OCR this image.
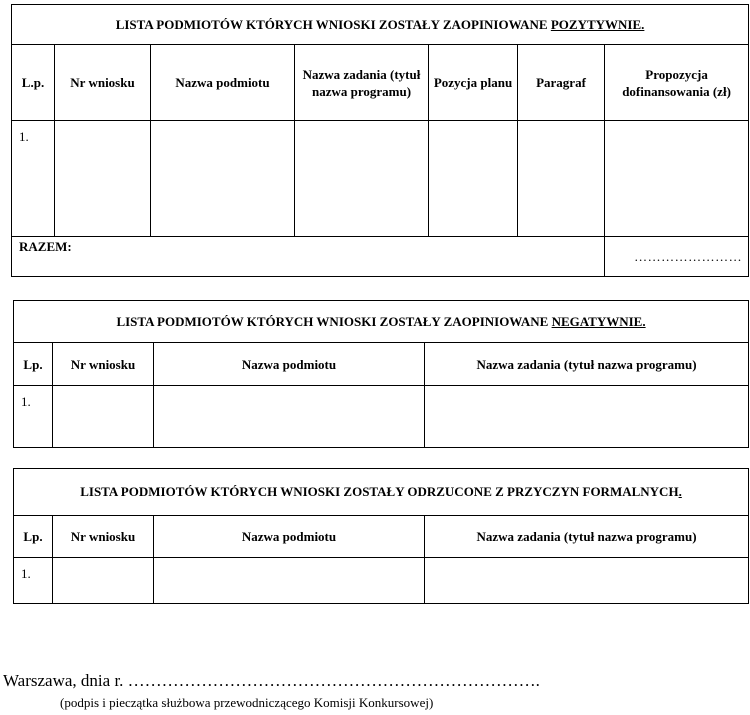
LISTA PODMIOTÓW KTÓRYCH WNIOSKI ZOSTAŁY ZAOPINIOWANE POZYTYWNIE.						
L.p.	Nr wniosku	Nazwa podmiotu	Nazwa zadania (tytuł nazwa programu)	Pozycja planu	Paragraf	Propozycja dofinansowania (zł)
1.						
RAZEM:						……………………
LISTA PODMIOTÓW KTÓRYCH WNIOSKI ZOSTAŁY ZAOPINIOWANE NEGATYWNIE.			
Lp.	Nr wniosku	Nazwa podmiotu	Nazwa zadania (tytuł nazwa programu)
1.			
LISTA PODMIOTÓW KTÓRYCH WNIOSKI ZOSTAŁY ODRZUCONE Z PRZYCZYN FORMALNYCH.			
Lp.	Nr wniosku	Nazwa podmiotu	Nazwa zadania (tytuł nazwa programu)
1.			
Warszawa, dnia r. ……………………………………………………………….
(podpis i pieczątka służbowa przewodniczącego Komisji Konkursowej)
